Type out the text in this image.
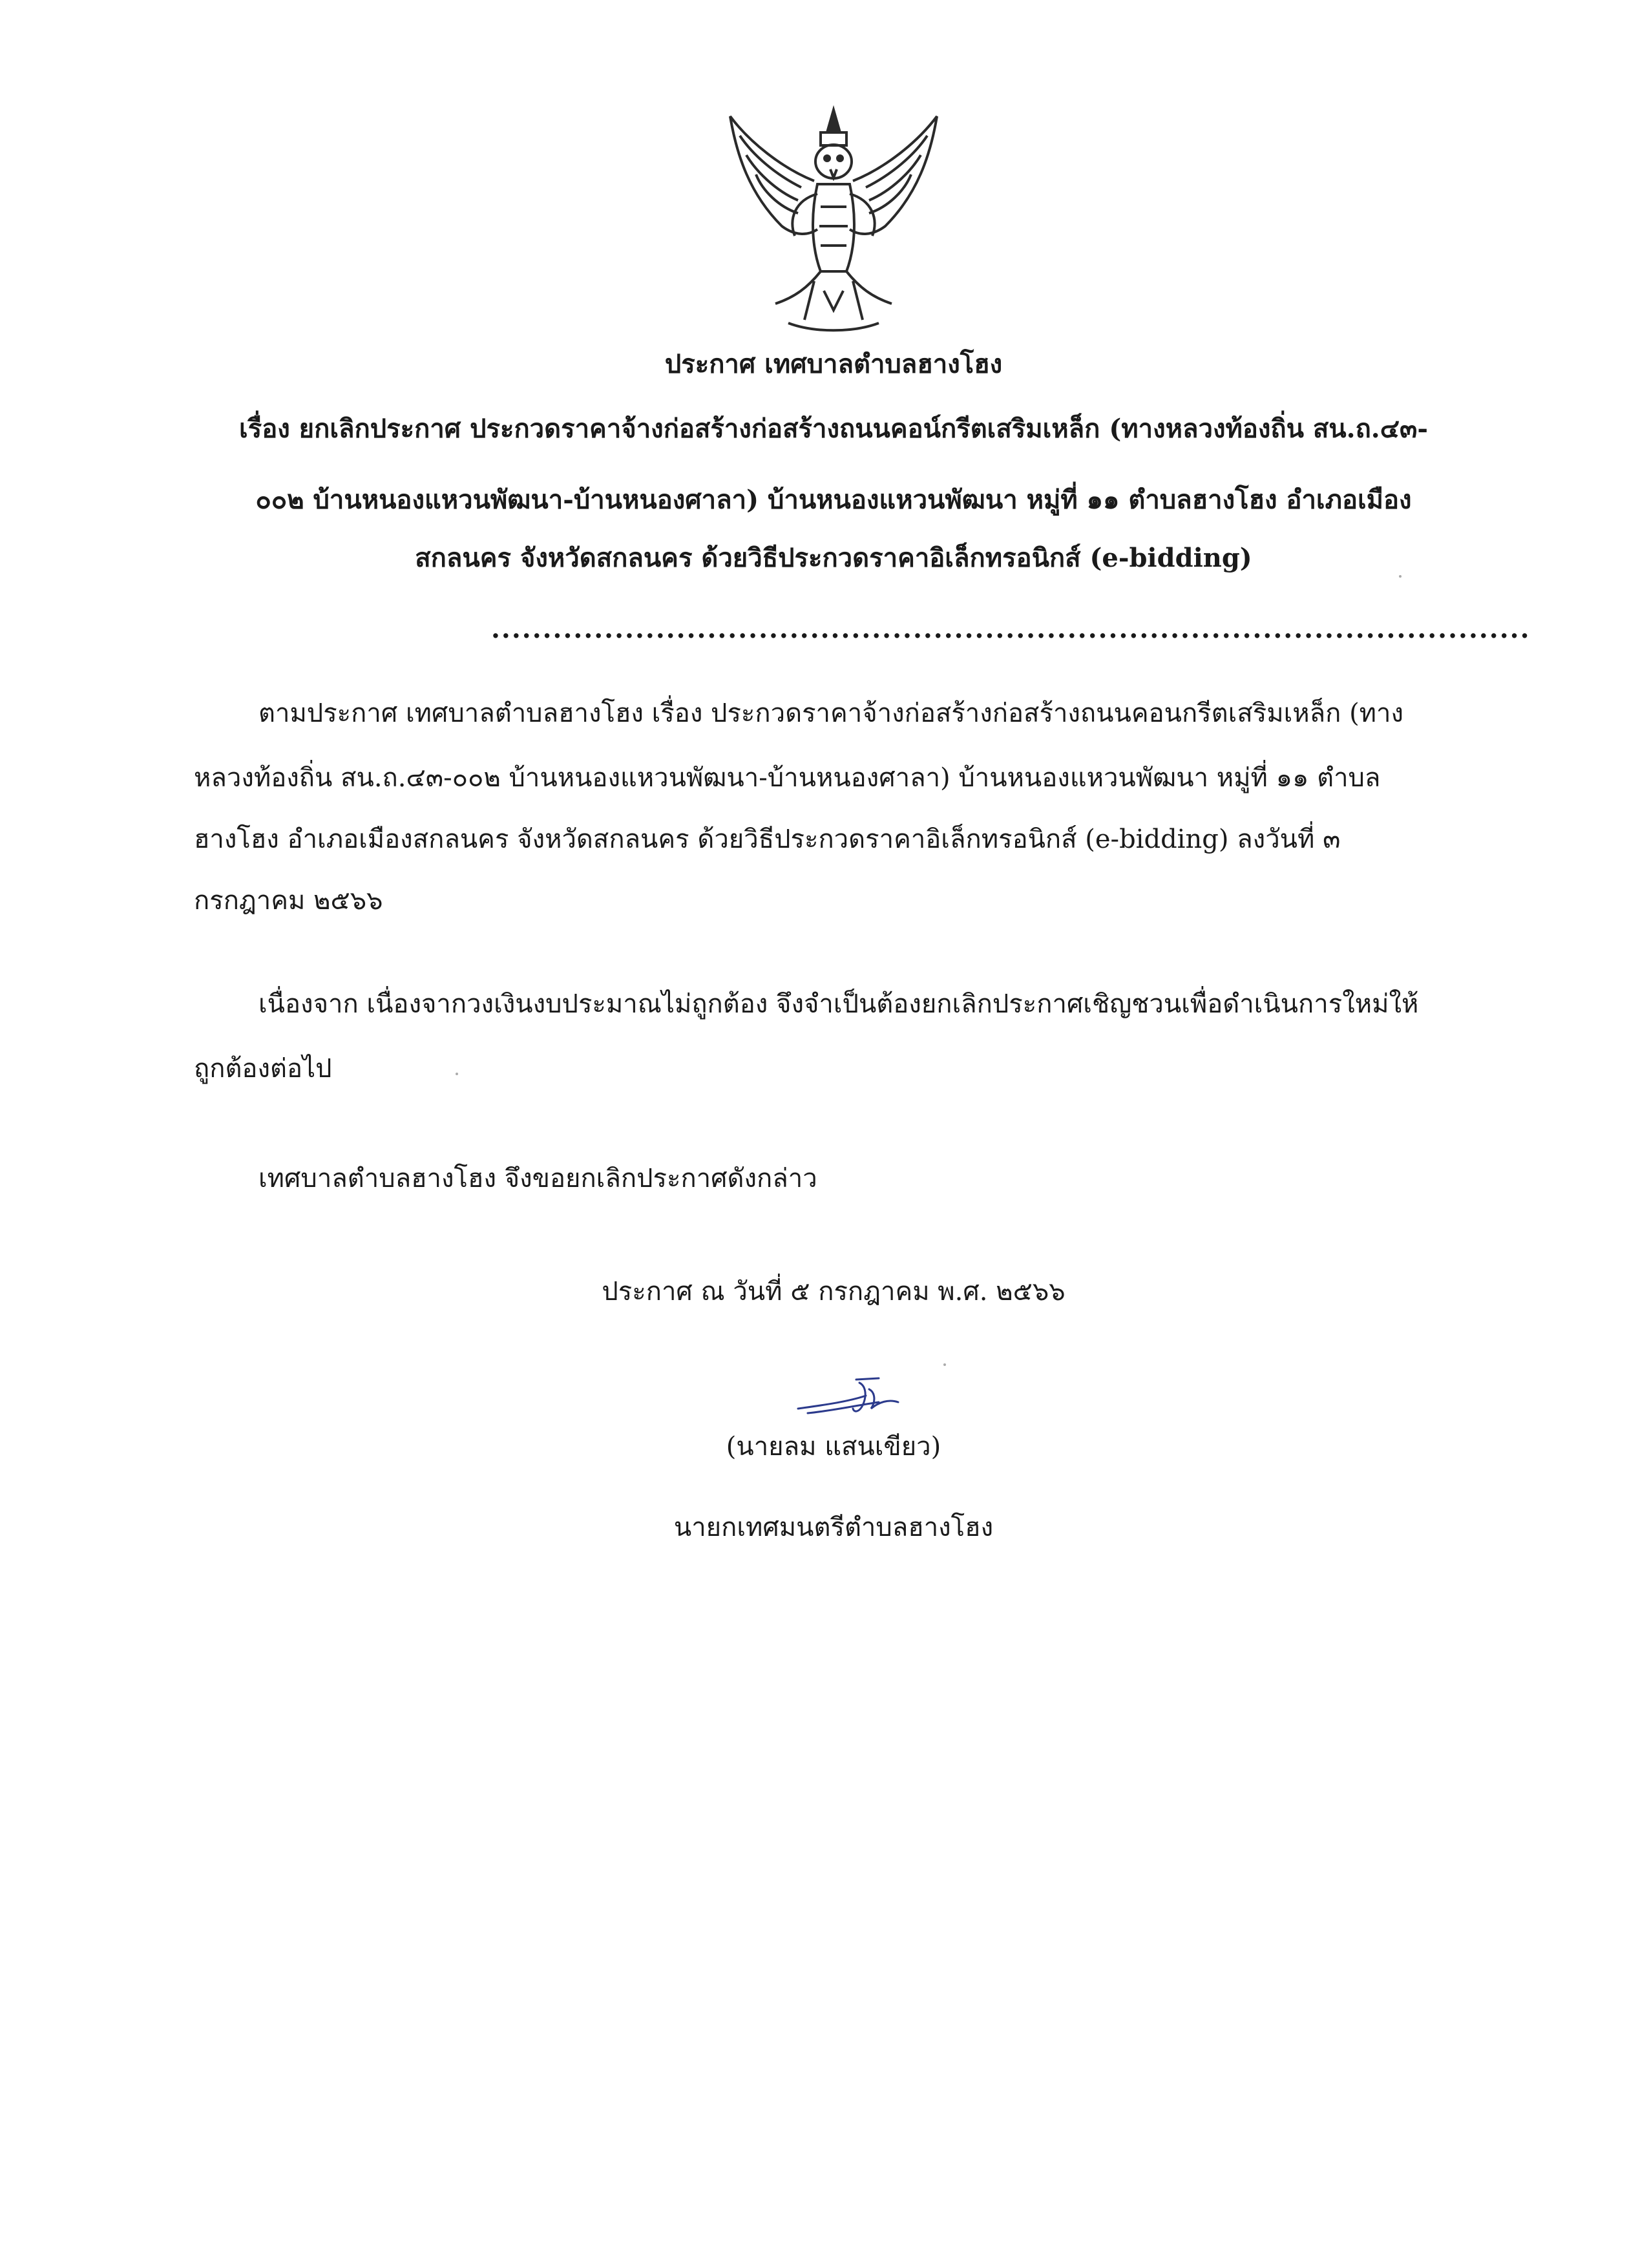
ประกาศ เทศบาลตำบลฮางโฮง
เรื่อง ยกเลิกประกาศ ประกวดราคาจ้างก่อสร้างก่อสร้างถนนคอน์กรีตเสริมเหล็ก (ทางหลวงท้องถิ่น สน.ถ.๔๓-
๐๐๒ บ้านหนองแหวนพัฒนา-บ้านหนองศาลา) บ้านหนองแหวนพัฒนา หมู่ที่ ๑๑ ตำบลฮางโฮง อำเภอเมือง
สกลนคร จังหวัดสกลนคร ด้วยวิธีประกวดราคาอิเล็กทรอนิกส์ (e-bidding)
.....................................................................................................
ตามประกาศ เทศบาลตำบลฮางโฮง เรื่อง ประกวดราคาจ้างก่อสร้างก่อสร้างถนนคอนกรีตเสริมเหล็ก (ทาง
หลวงท้องถิ่น สน.ถ.๔๓-๐๐๒ บ้านหนองแหวนพัฒนา-บ้านหนองศาลา) บ้านหนองแหวนพัฒนา หมู่ที่ ๑๑ ตำบล
ฮางโฮง อำเภอเมืองสกลนคร จังหวัดสกลนคร ด้วยวิธีประกวดราคาอิเล็กทรอนิกส์ (e-bidding) ลงวันที่ ๓
กรกฎาคม ๒๕๖๖
เนื่องจาก เนื่องจากวงเงินงบประมาณไม่ถูกต้อง จึงจำเป็นต้องยกเลิกประกาศเชิญชวนเพื่อดำเนินการใหม่ให้
ถูกต้องต่อไป
เทศบาลตำบลฮางโฮง จึงขอยกเลิกประกาศดังกล่าว
ประกาศ ณ วันที่ ๕ กรกฎาคม พ.ศ. ๒๕๖๖
(นายลม แสนเขียว)
นายกเทศมนตรีตำบลฮางโฮง
